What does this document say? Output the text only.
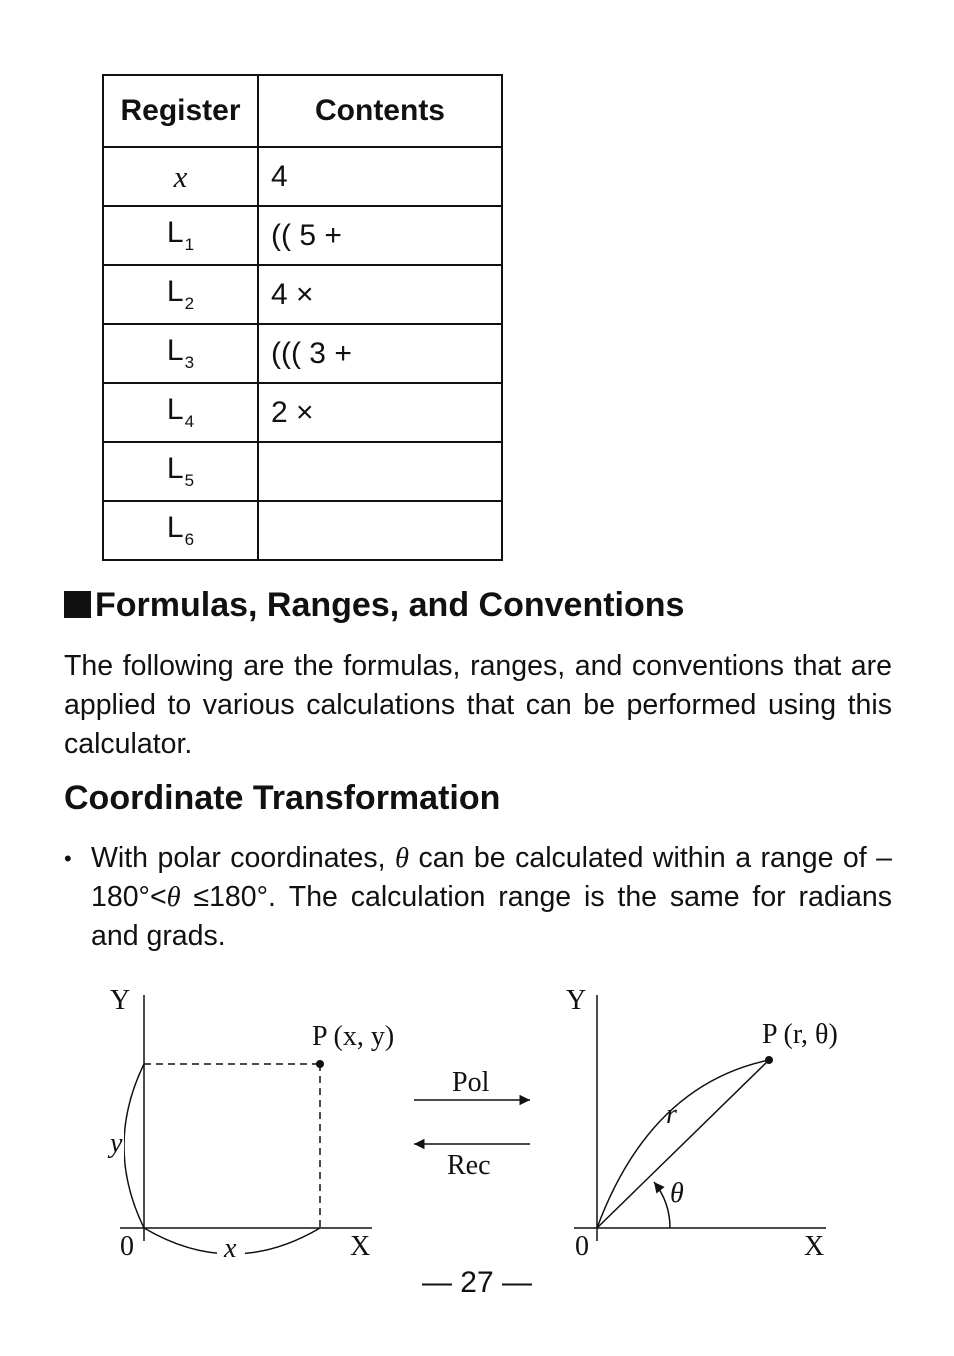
Register	Contents
x	4
$L_1$	(( 5 +
$L_2$	4 ×
$L_3$	((( 3 +
$L_4$	2 ×
$L_5$	
$L_6$	
Formulas, Ranges, and Conventions

The following are the formulas, ranges, and conventions that are applied to various calculations that can be performed using this calculator.

Coordinate Transformation
• With polar coordinates, θ can be calculated within a range of –180°<θ ≤180°. The calculation range is the same for radians and grads.
Y
X
0
P (x, y)
y
x
Pol
Rec
Y
X
0
P (r, θ)
r
θ
— 27 —
